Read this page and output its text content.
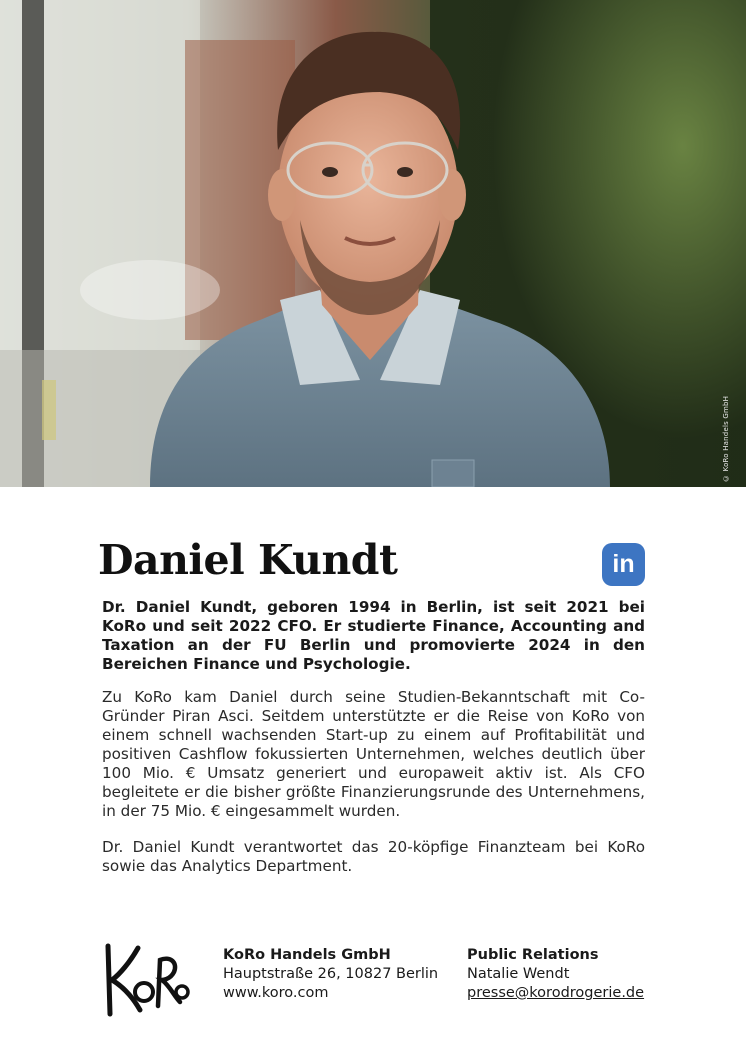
© KoRo Handels GmbH
Daniel Kundt	in

Dr. Daniel Kundt, geboren 1994 in Berlin, ist seit 2021 bei KoRo und seit 2022 CFO. Er studierte Finance, Accounting and Taxation an der FU Berlin und promovierte 2024 in den Bereichen Finance und Psychologie.

Zu KoRo kam Daniel durch seine Studien-Bekanntschaft mit Co-Gründer Piran Asci. Seitdem unterstützte er die Reise von KoRo von einem schnell wachsenden Start-up zu einem auf Profitabilität und positiven Cashflow fokussierten Unternehmen, welches deutlich über 100 Mio. € Umsatz generiert und europaweit aktiv ist. Als CFO begleitete er die bisher größte Finanzierungsrunde des Unternehmens, in der 75 Mio. € eingesammelt wurden.

Dr. Daniel Kundt verantwortet das 20-köpfige Finanzteam bei KoRo sowie das Analytics Department.

KoRo Handels GmbH
Hauptstraße 26, 10827 Berlin
www.koro.com
Public Relations
Natalie Wendt
presse@korodrogerie.de
